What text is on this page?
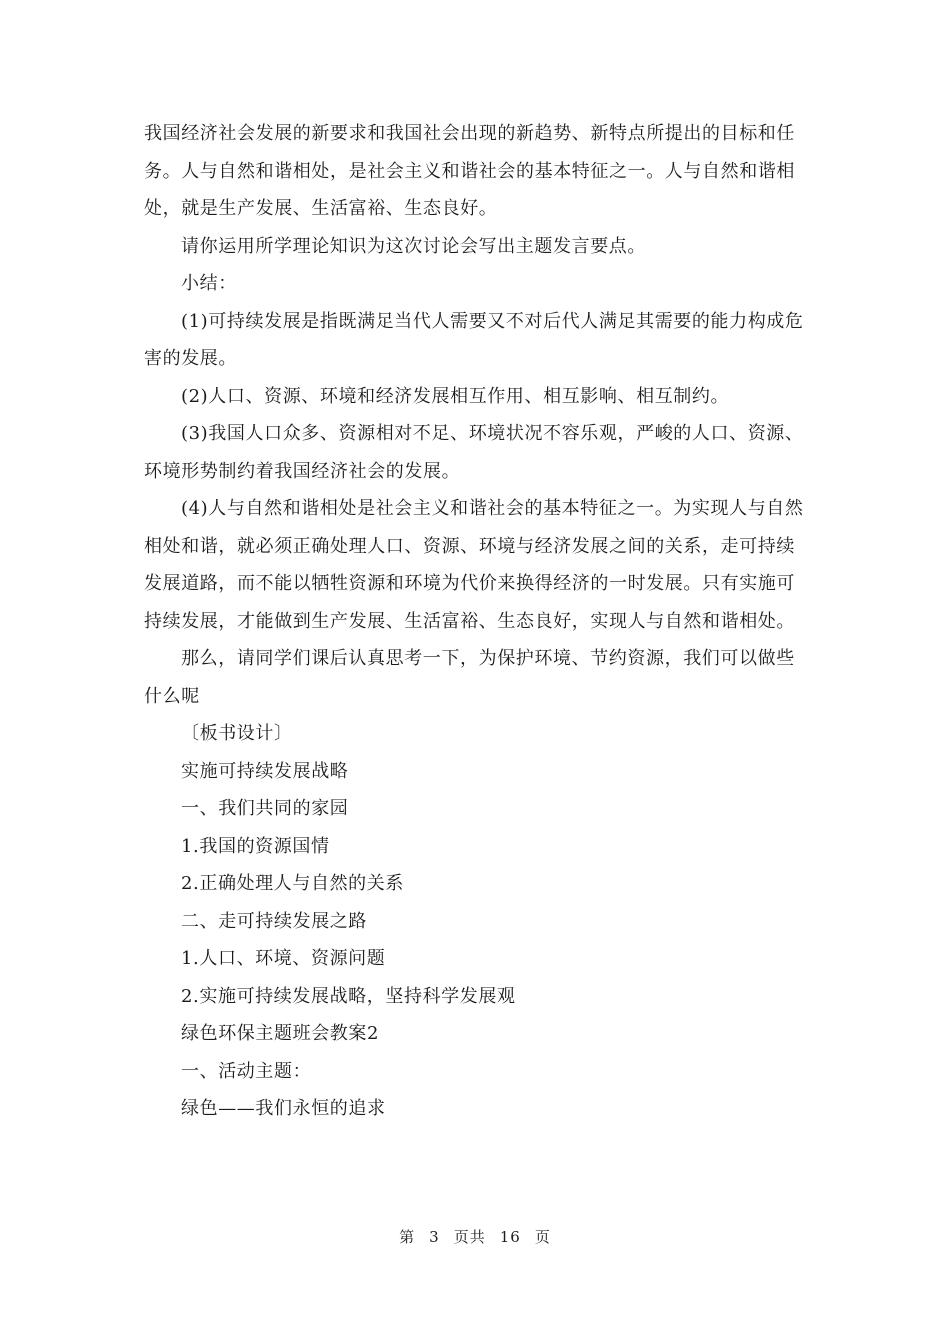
我国经济社会发展的新要求和我国社会出现的新趋势、新特点所提出的目标和任务。人与自然和谐相处，是社会主义和谐社会的基本特征之一。人与自然和谐相处，就是生产发展、生活富裕、生态良好。

请你运用所学理论知识为这次讨论会写出主题发言要点。

小结：

(1)可持续发展是指既满足当代人需要又不对后代人满足其需要的能力构成危害的发展。

(2)人口、资源、环境和经济发展相互作用、相互影响、相互制约。

(3)我国人口众多、资源相对不足、环境状况不容乐观，严峻的人口、资源、环境形势制约着我国经济社会的发展。

(4)人与自然和谐相处是社会主义和谐社会的基本特征之一。为实现人与自然相处和谐，就必须正确处理人口、资源、环境与经济发展之间的关系，走可持续发展道路，而不能以牺牲资源和环境为代价来换得经济的一时发展。只有实施可持续发展，才能做到生产发展、生活富裕、生态良好，实现人与自然和谐相处。

那么，请同学们课后认真思考一下，为保护环境、节约资源，我们可以做些什么呢

〔板书设计〕

实施可持续发展战略

一、我们共同的家园

1.我国的资源国情

2.正确处理人与自然的关系

二、走可持续发展之路

1.人口、环境、资源问题

2.实施可持续发展战略，坚持科学发展观

绿色环保主题班会教案2

一、活动主题：

绿色——我们永恒的追求

第 3 页共 16 页
